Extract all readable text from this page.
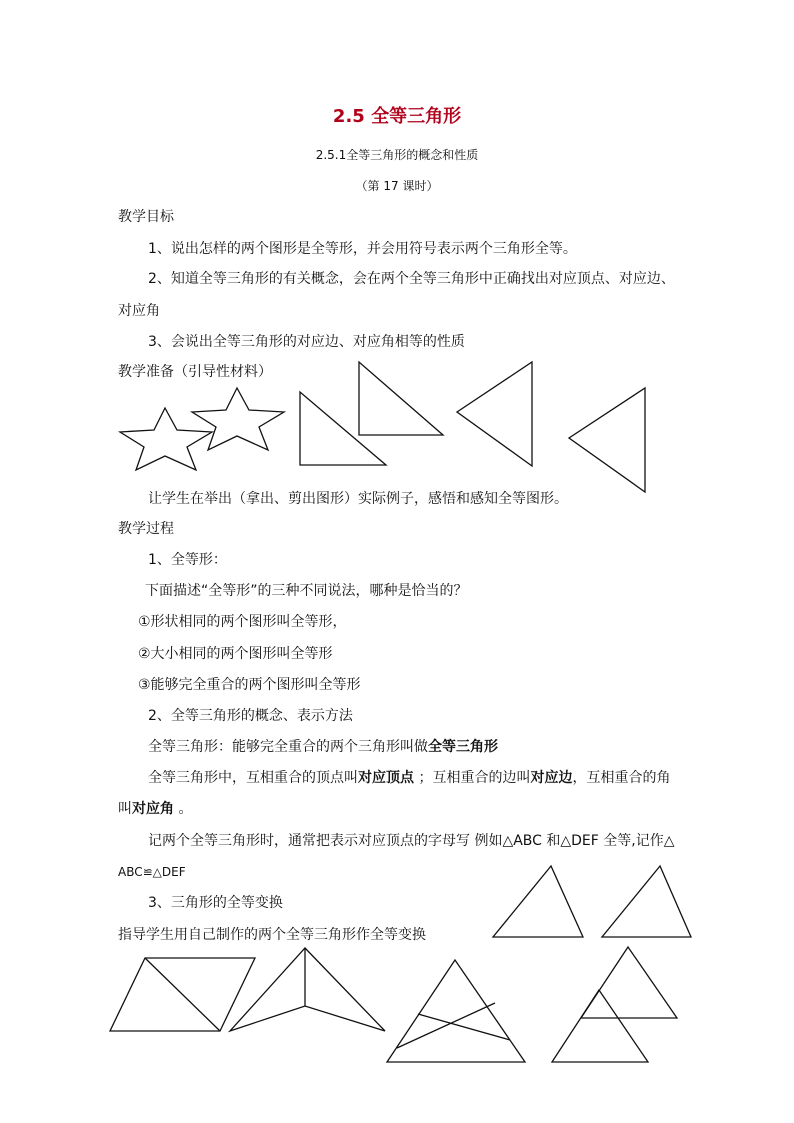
2.5 全等三角形
2.5.1全等三角形的概念和性质
（第 17 课时）
教学目标
1、说出怎样的两个图形是全等形，并会用符号表示两个三角形全等。
2、知道全等三角形的有关概念，会在两个全等三角形中正确找出对应顶点、对应边、
对应角
3、会说出全等三角形的对应边、对应角相等的性质
教学准备（引导性材料）
让学生在举出（拿出、剪出图形）实际例子，感悟和感知全等图形。
教学过程
1、全等形：
下面描述“全等形”的三种不同说法，哪种是恰当的？
①形状相同的两个图形叫全等形，
②大小相同的两个图形叫全等形
③能够完全重合的两个图形叫全等形
2、全等三角形的概念、表示方法
全等三角形：能够完全重合的两个三角形叫做全等三角形
全等三角形中，互相重合的顶点叫对应顶点 ；互相重合的边叫对应边，互相重合的角
叫对应角 。
记两个全等三角形时，通常把表示对应顶点的字母写 例如△ABC 和△DEF 全等,记作△
ABC≌△DEF
3、三角形的全等变换
指导学生用自己制作的两个全等三角形作全等变换
